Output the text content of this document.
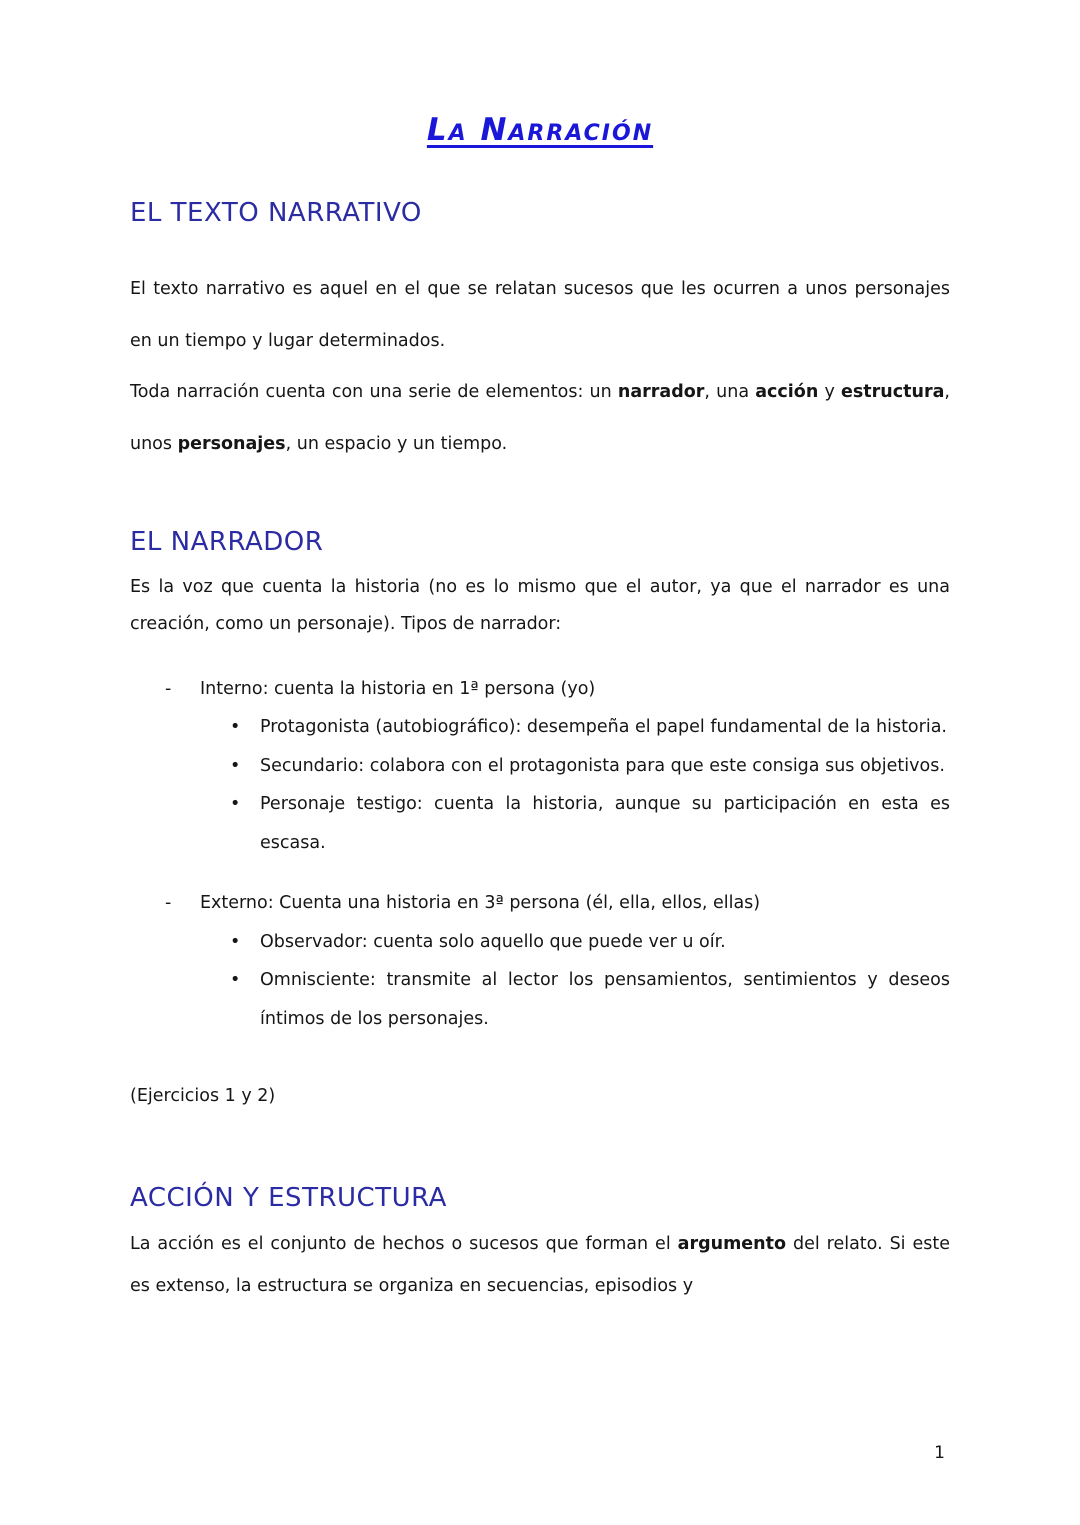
La Narración
EL TEXTO NARRATIVO

El texto narrativo es aquel en el que se relatan sucesos que les ocurren a unos personajes en un tiempo y lugar determinados.

Toda narración cuenta con una serie de elementos: un narrador, una acción y estructura, unos personajes, un espacio y un tiempo.

EL NARRADOR

Es la voz que cuenta la historia (no es lo mismo que el autor, ya que el narrador es una creación, como un personaje). Tipos de narrador:

-	Interno: cuenta la historia en 1ª persona (yo)
•	Protagonista (autobiográfico): desempeña el papel fundamental de la historia.
•	Secundario: colabora con el protagonista para que este consiga sus objetivos.
•	Personaje testigo: cuenta la historia, aunque su participación en esta es escasa.
-	Externo: Cuenta una historia en 3ª persona (él, ella, ellos, ellas)
•	Observador: cuenta solo aquello que puede ver u oír.
•	Omnisciente: transmite al lector los pensamientos, sentimientos y deseos íntimos de los personajes.

(Ejercicios 1 y 2)

ACCIÓN Y ESTRUCTURA

La acción es el conjunto de hechos o sucesos que forman el argumento del relato. Si este es extenso, la estructura se organiza en secuencias, episodios y

1
